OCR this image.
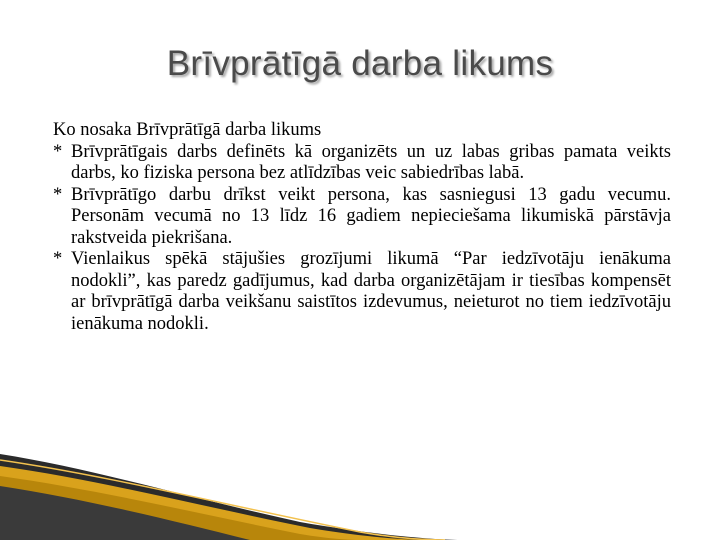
Brīvprātīgā darba likums

Ko nosaka Brīvprātīgā darba likums

* Brīvprātīgais darbs definēts kā organizēts un uz labas gribas pamata veikts darbs, ko fiziska persona bez atlīdzības veic sabiedrības labā.

* Brīvprātīgo darbu drīkst veikt persona, kas sasniegusi 13 gadu vecumu. Personām vecumā no 13 līdz 16 gadiem nepieciešama likumiskā pārstāvja rakstveida piekrišana.

* Vienlaikus spēkā stājušies grozījumi likumā “Par iedzīvotāju ienākuma nodokli”, kas paredz gadījumus, kad darba organizētājam ir tiesības kompensēt ar brīvprātīgā darba veikšanu saistītos izdevumus, neieturot no tiem iedzīvotāju ienākuma nodokli.
